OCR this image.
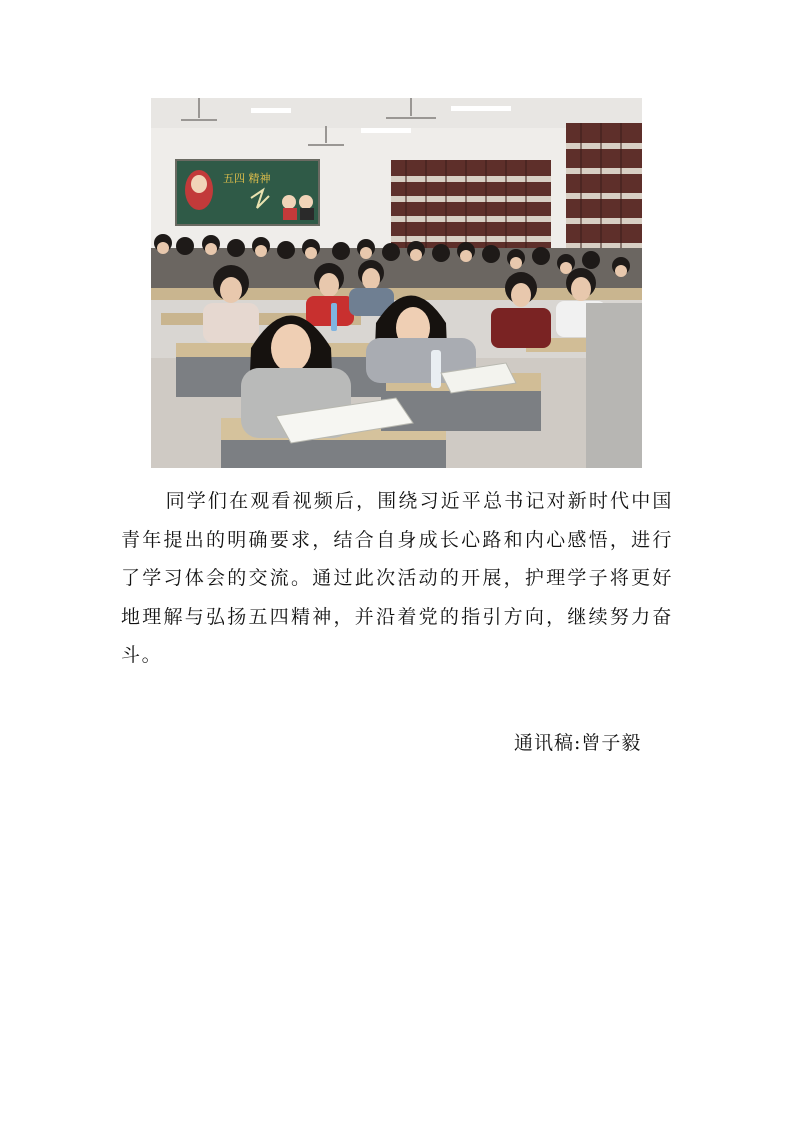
五四 精神

同学们在观看视频后，围绕习近平总书记对新时代中国青年提出的明确要求，结合自身成长心路和内心感悟，进行了学习体会的交流。通过此次活动的开展，护理学子将更好地理解与弘扬五四精神，并沿着党的指引方向，继续努力奋斗。

通讯稿:曾子毅
